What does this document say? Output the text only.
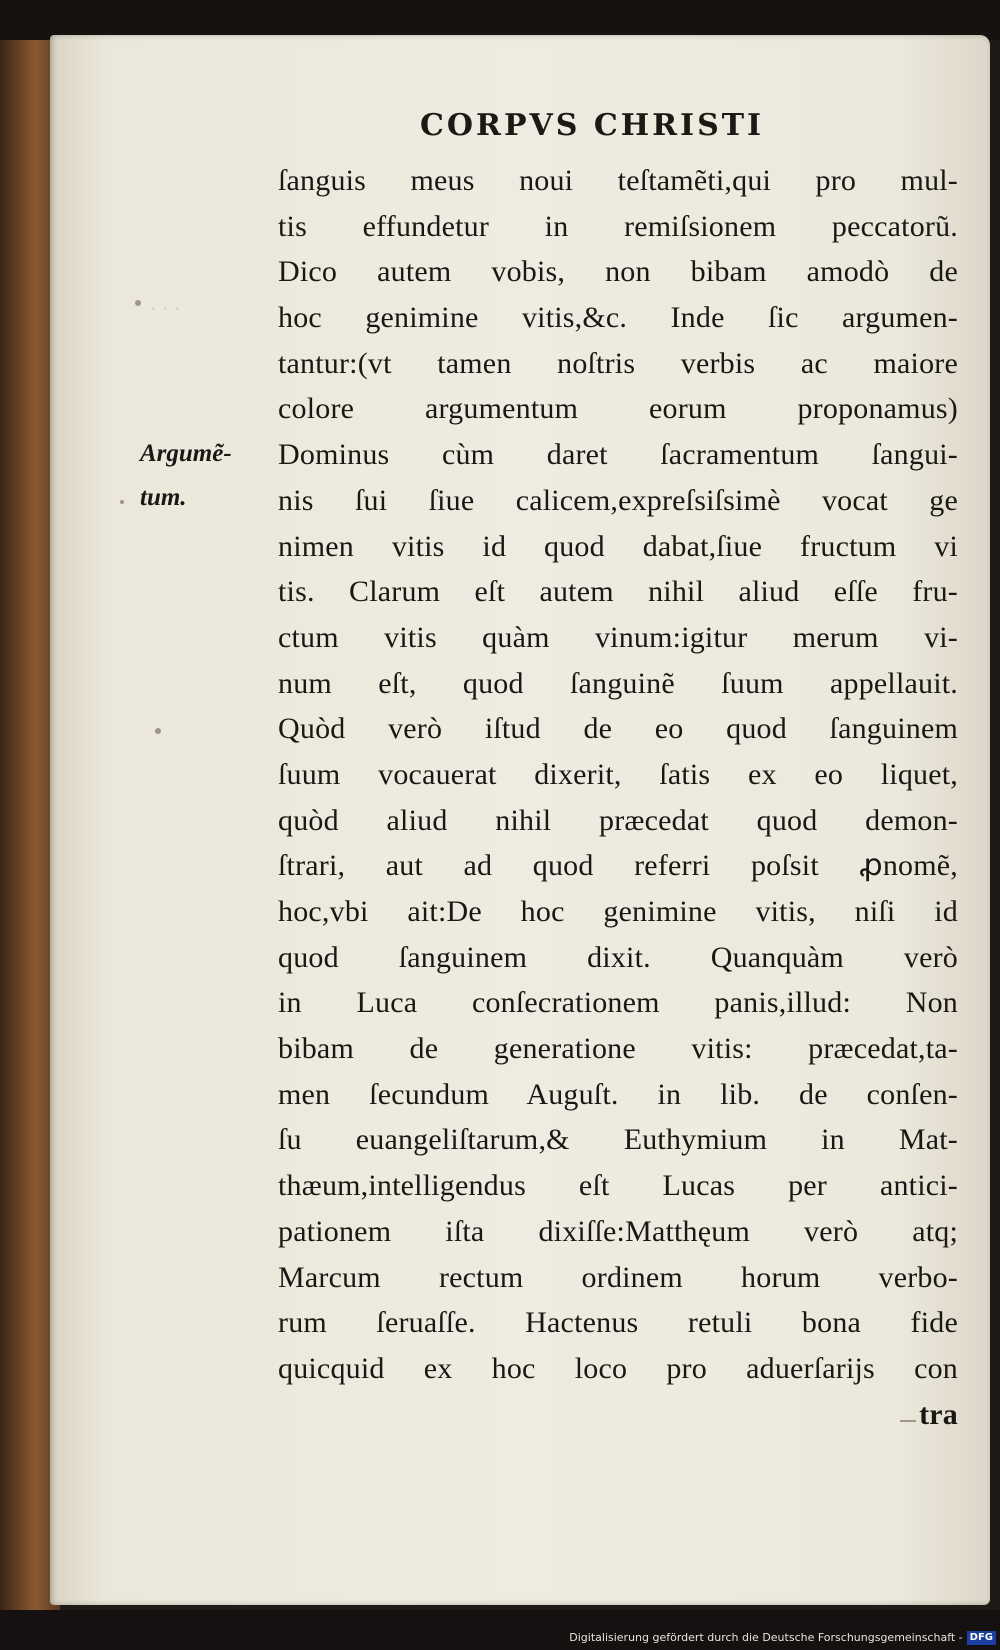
. . .
CORPVS CHRISTI
Argumẽ-
tum.
ſanguis meus noui teſtamẽti,qui pro mul-
tis effundetur in remiſsionem peccatorũ.
Dico autem vobis, non bibam amodò de
hoc genimine vitis,&c. Inde ſic argumen-
tantur:(vt tamen noſtris verbis ac maiore
colore argumentum eorum proponamus)
Dominus cùm daret ſacramentum ſangui-
nis ſui ſiue calicem,expreſsiſsimè vocat ge
nimen vitis id quod dabat,ſiue fructum vi
tis. Clarum eſt autem nihil aliud eſſe fru-
ctum vitis quàm vinum:igitur merum vi-
num eſt, quod ſanguinẽ ſuum appellauit.
Quòd verò iſtud de eo quod ſanguinem
ſuum vocauerat dixerit, ſatis ex eo liquet,
quòd aliud nihil præcedat quod demon-
ſtrari, aut ad quod referri poſsit ꝓnomẽ,
hoc,vbi ait:De hoc genimine vitis, niſi id
quod ſanguinem dixit. Quanquàm verò
in Luca conſecrationem panis,illud: Non
bibam de generatione vitis: præcedat,ta-
men ſecundum Auguſt. in lib. de conſen-
ſu euangeliſtarum,& Euthymium in Mat-
thæum,intelligendus eſt Lucas per antici-
pationem iſta dixiſſe:Matthęum verò atq;
Marcum rectum ordinem horum verbo-
rum ſeruaſſe. Hactenus retuli bona fide
quicquid ex hoc loco pro aduerſarijs con
tra
Digitalisierung gefördert durch die Deutsche Forschungsgemeinschaft - DFG
